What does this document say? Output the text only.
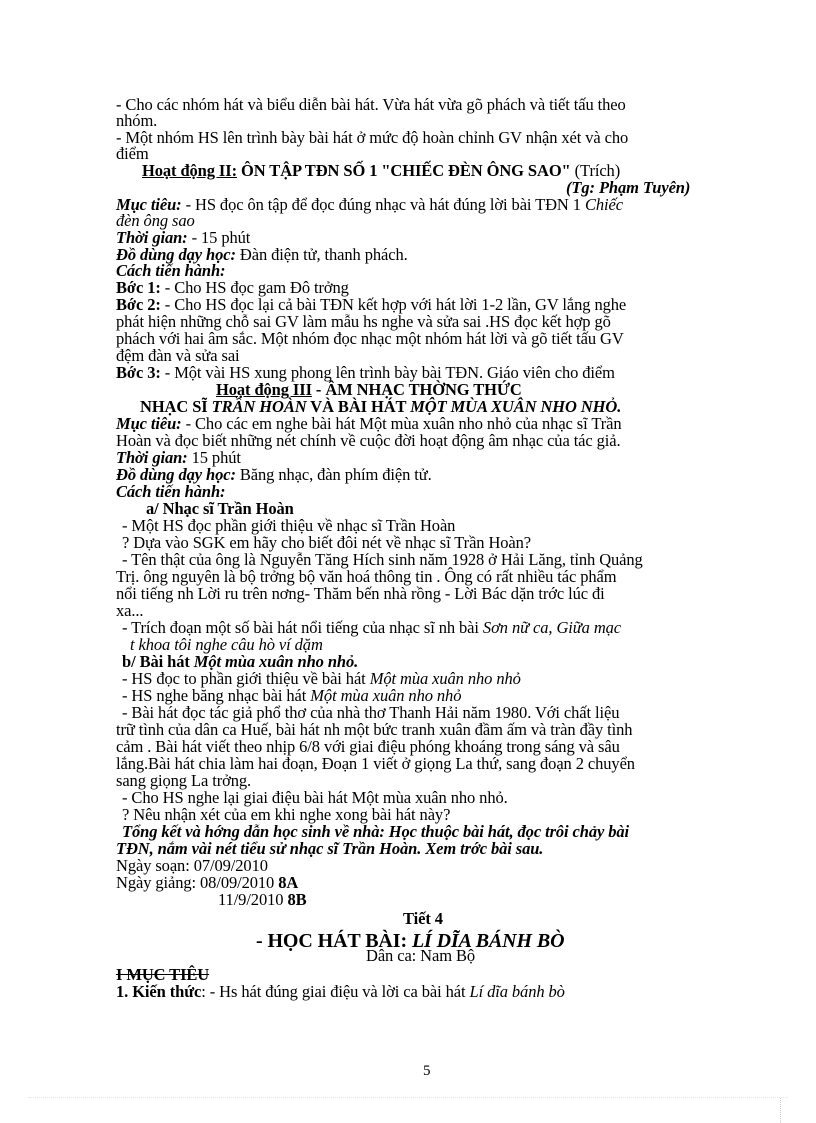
- Cho các nhóm hát và biểu diễn bài hát. Vừa hát vừa gõ phách và tiết tấu theo
nhóm.
- Một nhóm HS lên trình bày bài hát ở mức độ hoàn chỉnh GV nhận xét và cho
điểm
Hoạt động II: ÔN TẬP TĐN SỐ 1 "CHIẾC ĐÈN ÔNG SAO" (Trích)
(Tg: Phạm Tuyên)
Mục tiêu: - HS đọc ôn tập để đọc đúng nhạc và hát đúng lời bài TĐN 1 Chiếc
đèn ông sao
Thời gian: - 15 phút
Đồ dùng dạy học: Đàn điện tử, thanh phách.
Cách tiến hành:
Bớc 1: - Cho HS đọc gam Đô trởng
Bớc 2: - Cho HS đọc lại cả bài TĐN kết hợp với hát lời 1-2 lần, GV lắng nghe
phát hiện những chỗ sai GV làm mẫu hs nghe và sửa sai .HS đọc kết hợp gõ
phách với hai âm sắc. Một nhóm đọc nhạc một nhóm hát lời và gõ tiết tấu GV
đệm đàn và sửa sai
Bớc 3: - Một vài HS xung phong lên trình bày bài TĐN. Giáo viên cho điểm
Hoạt động III - ÂM NHẠC THỜNG THỨC
NHẠC SĨ TRẦN HOÀN VÀ BÀI HÁT MỘT MÙA XUÂN NHO NHỎ.
Mục tiêu: - Cho các em nghe bài hát Một mùa xuân nho nhỏ của nhạc sĩ Trần
Hoàn và đọc biết những nét chính về cuộc đời hoạt động âm nhạc của tác giả.
Thời gian: 15 phút
Đồ dùng dạy học: Băng nhạc, đàn phím điện tử.
Cách tiến hành:
a/ Nhạc sĩ Trần Hoàn
- Một HS đọc phần giới thiệu về nhạc sĩ Trần Hoàn
? Dựa vào SGK em hãy cho biết đôi nét về nhạc sĩ Trần Hoàn?
- Tên thật của ông là Nguyễn Tăng Hích sinh năm 1928 ở Hải Lăng, tỉnh Quảng
Trị. ông nguyên là bộ trởng bộ văn hoá thông tin . Ông có rất nhiều tác phẩm
nổi tiếng nh Lời ru trên nơng- Thăm bến nhà rồng - Lời Bác dặn trớc lúc đi
xa...
- Trích đoạn một số bài hát nổi tiếng của nhạc sĩ nh bài Sơn nữ ca, Giữa mạc
t khoa tôi nghe câu hò ví dặm
b/ Bài hát Một mùa xuân nho nhỏ.
- HS đọc to phần giới thiệu về bài hát Một mùa xuân nho nhỏ
- HS nghe băng nhạc bài hát Một mùa xuân nho nhỏ
- Bài hát đọc tác giả phổ thơ của nhà thơ Thanh Hải năm 1980. Với chất liệu
trữ tình của dân ca Huế, bài hát nh một bức tranh xuân đầm ấm và tràn đầy tình
cảm . Bài hát viết theo nhịp 6/8 với giai điệu phóng khoáng trong sáng và sâu
lắng.Bài hát chia làm hai đoạn, Đoạn 1 viết ở giọng La thứ, sang đoạn 2 chuyển
sang giọng La trởng.
- Cho HS nghe lại giai điệu bài hát Một mùa xuân nho nhỏ.
? Nêu nhận xét của em khi nghe xong bài hát này?
Tổng kết và hớng dẫn học sinh về nhà: Học thuộc bài hát, đọc trôi chảy bài
TĐN, nắm vài nét tiểu sử nhạc sĩ Trần Hoàn. Xem trớc bài sau.
Ngày soạn: 07/09/2010
Ngày giảng: 08/09/2010 8A
11/9/2010 8B
Tiết 4
- HỌC HÁT BÀI: LÍ DĨA BÁNH BÒ
Dân ca: Nam Bộ
I MỤC TIÊU
1. Kiến thức: - Hs hát đúng giai điệu và lời ca bài hát Lí dĩa bánh bò
5
